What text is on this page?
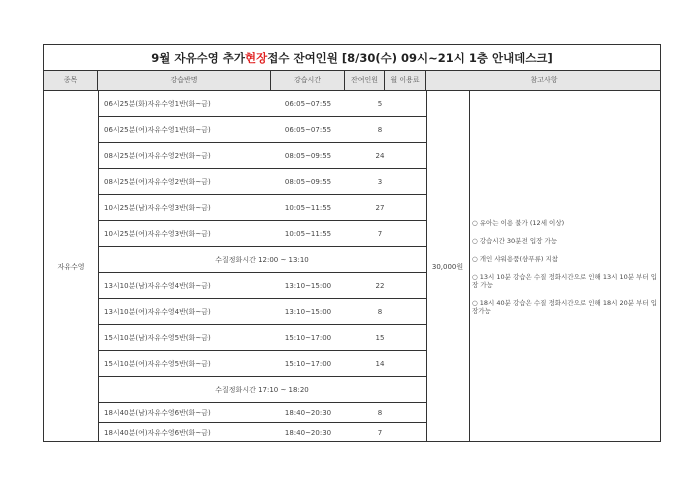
9월 자유수영 추가 현장 접수 잔여인원 [8/30(수) 09시~21시 1층 안내데스크]
종목	강습반명	강습시간	잔여인원	월 이용료	참고사항
자유수영
06시25분(화)자유수영1반(화~금)	06:05~07:55	5
06시25분(여)자유수영1반(화~금)	06:05~07:55	8
08시25분(여)자유수영2반(화~금)	08:05~09:55	24
08시25분(여)자유수영2반(화~금)	08:05~09:55	3
10시25분(남)자유수영3반(화~금)	10:05~11:55	27
10시25분(여)자유수영3반(화~금)	10:05~11:55	7
수질정화시간 12:00 ~ 13:10
13시10분(남)자유수영4반(화~금)	13:10~15:00	22
13시10분(여)자유수영4반(화~금)	13:10~15:00	8
15시10분(남)자유수영5반(화~금)	15:10~17:00	15
15시10분(여)자유수영5반(화~금)	15:10~17:00	14
수질정화시간 17:10 ~ 18:20
18시40분(남)자유수영6반(화~금)	18:40~20:30	8
18시40분(여)자유수영6반(화~금)	18:40~20:30	7
30,000원
○ 유아는 이용 불가 (12세 이상)
○ 강습시간 30분전 입장 가능
○ 개인 샤워용품(샴푸류) 지참
○ 13시 10분 강습은 수질 정화시간으로 인해 13시 10분 부터 입장 가능
○ 18시 40분 강습은 수질 정화시간으로 인해 18시 20분 부터 입장가능
